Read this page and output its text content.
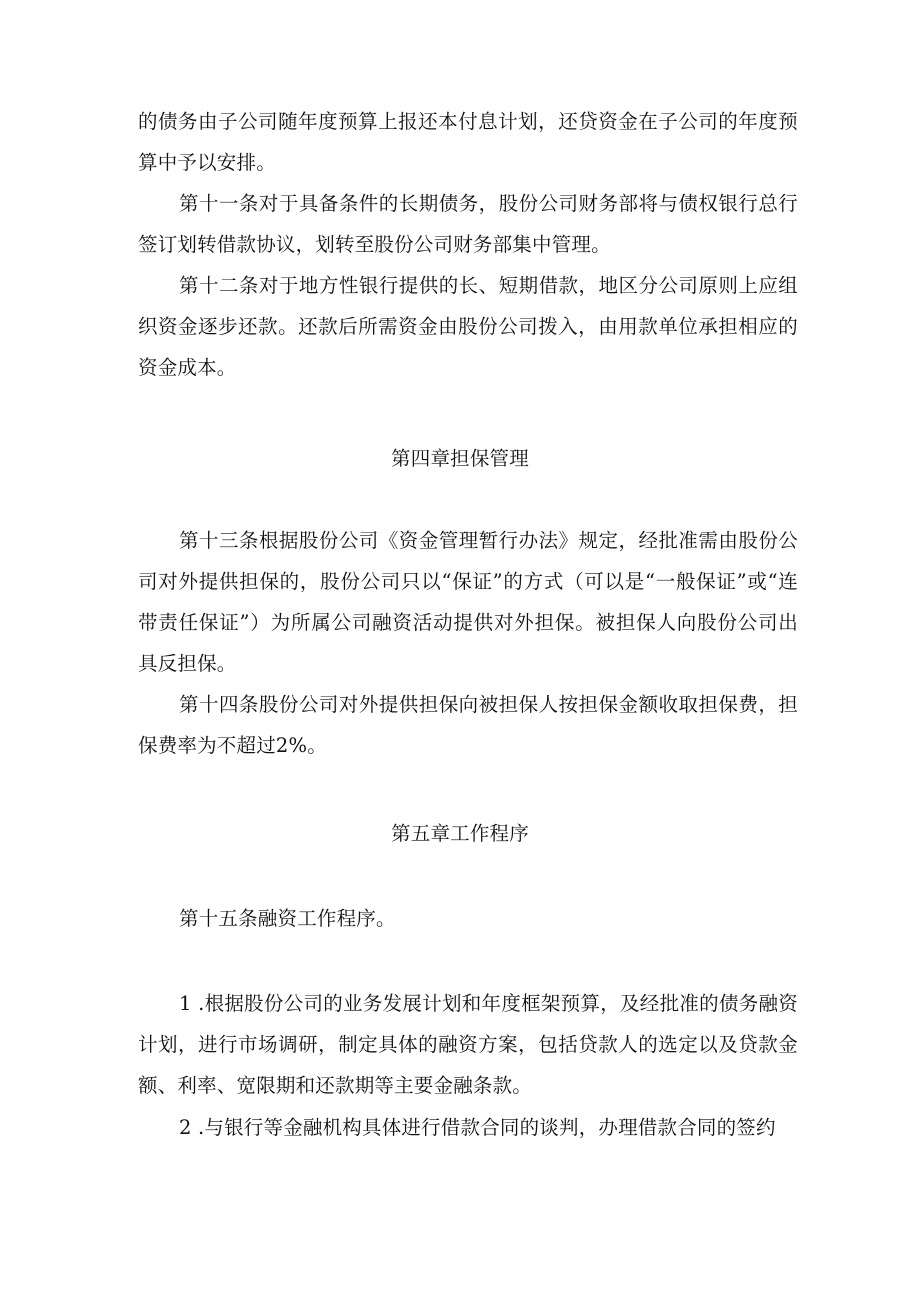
的债务由子公司随年度预算上报还本付息计划，还贷资金在子公司的年度预算中予以安排。

第十一条对于具备条件的长期债务，股份公司财务部将与债权银行总行签订划转借款协议，划转至股份公司财务部集中管理。

第十二条对于地方性银行提供的长、短期借款，地区分公司原则上应组织资金逐步还款。还款后所需资金由股份公司拨入，由用款单位承担相应的资金成本。

第四章担保管理

第十三条根据股份公司《资金管理暂行办法》规定，经批准需由股份公司对外提供担保的，股份公司只以“保证”的方式（可以是“一般保证”或“连带责任保证”）为所属公司融资活动提供对外担保。被担保人向股份公司出具反担保。

第十四条股份公司对外提供担保向被担保人按担保金额收取担保费，担保费率为不超过2%。

第五章工作程序

第十五条融资工作程序。

1 .根据股份公司的业务发展计划和年度框架预算，及经批准的债务融资计划，进行市场调研，制定具体的融资方案，包括贷款人的选定以及贷款金额、利率、宽限期和还款期等主要金融条款。

2 .与银行等金融机构具体进行借款合同的谈判，办理借款合同的签约
